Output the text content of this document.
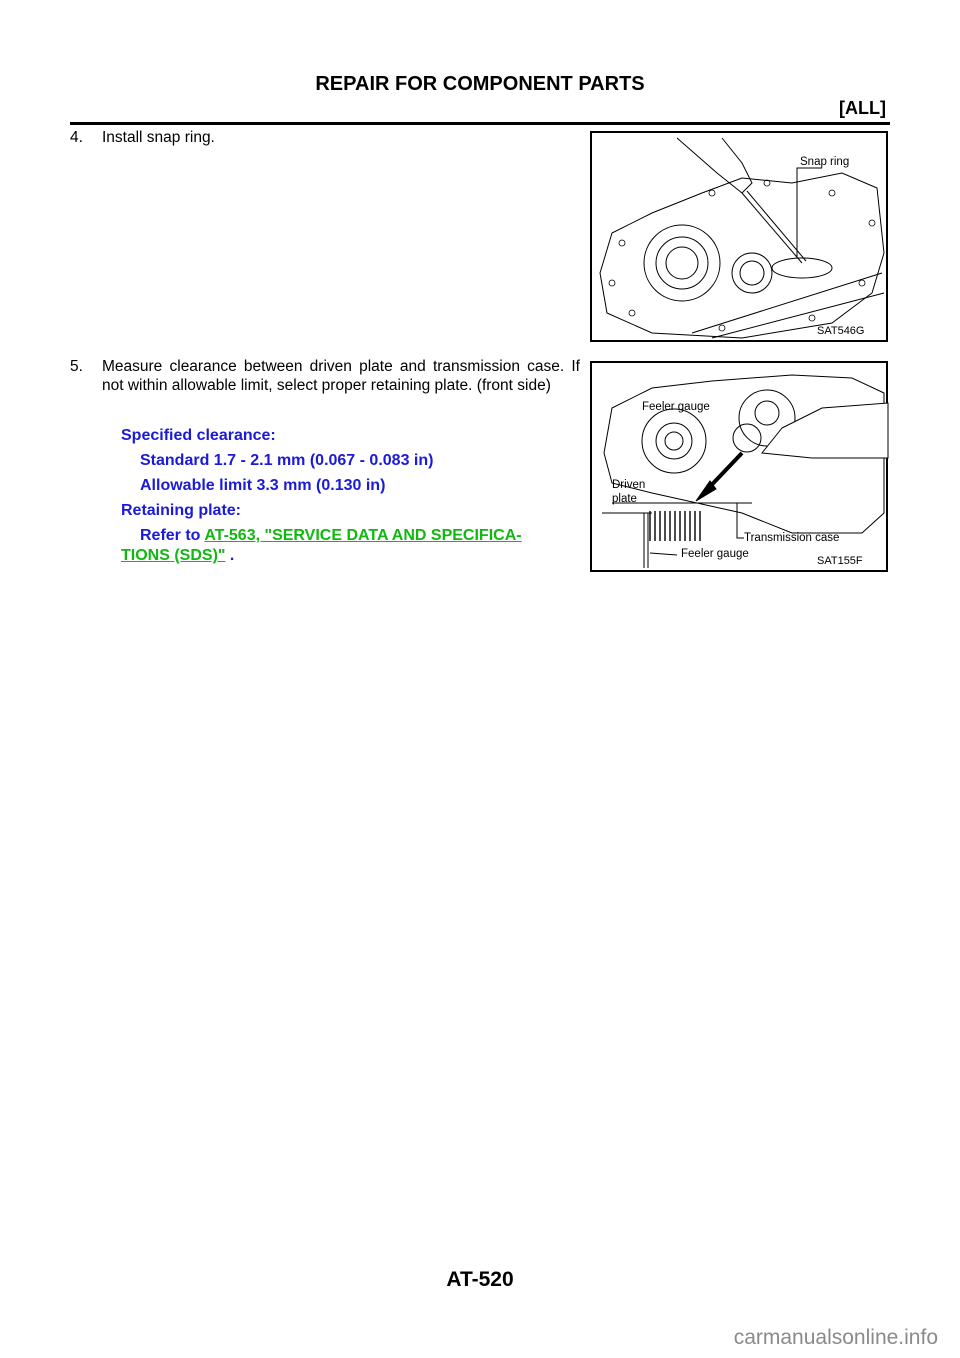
REPAIR FOR COMPONENT PARTS
[ALL]
4. Install snap ring.
5. Measure clearance between driven plate and transmission case. If not within allowable limit, select proper retaining plate. (front side)
Specified clearance:
Standard 1.7 - 2.1 mm (0.067 - 0.083 in)
Allowable limit 3.3 mm (0.130 in)
Retaining plate:
Refer to AT-563, "SERVICE DATA AND SPECIFICA-
TIONS (SDS)" .
Snap ring
SAT546G
Feeler gauge
Driven
plate
Transmission case
Feeler gauge
SAT155F
AT-520
carmanualsonline.info
